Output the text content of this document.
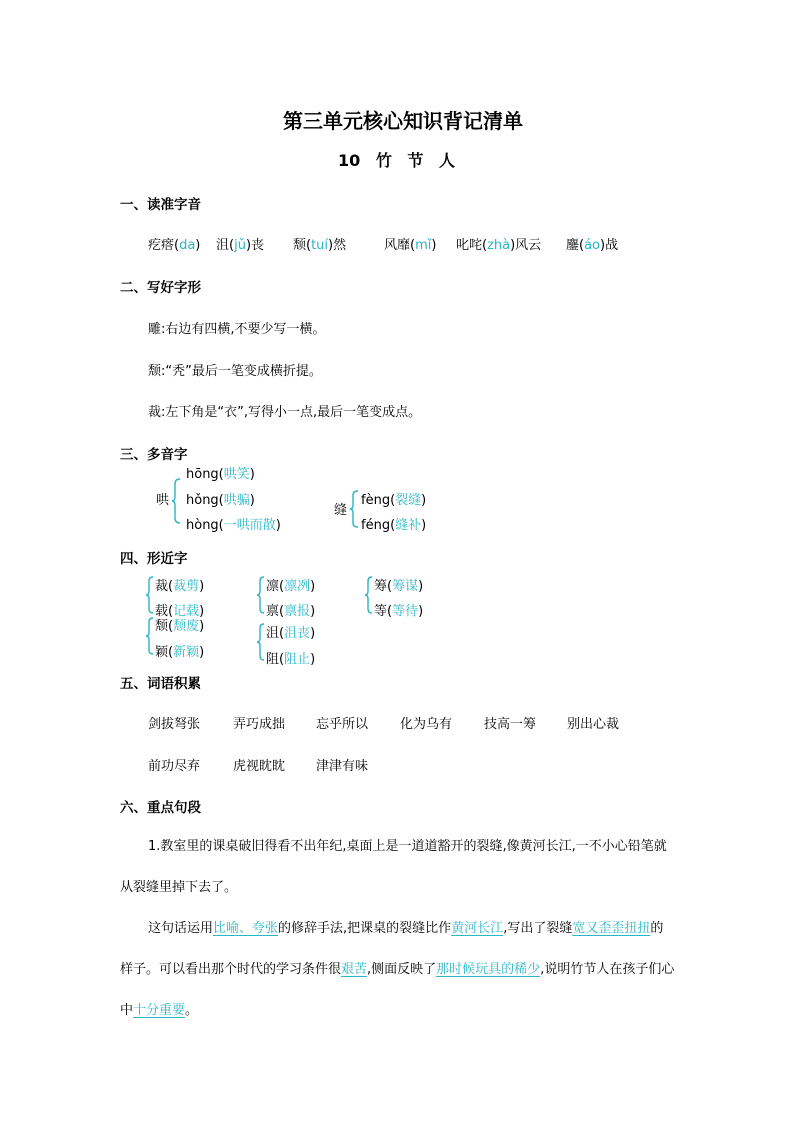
第三单元核心知识背记清单
10 竹 节 人
一、读准字音
疙瘩(da) 沮(jǔ)丧 颓(tuí)然	风靡(mǐ) 叱咤(zhà)风云 鏖(áo)战
二、写好字形
雕:右边有四横,不要少写一横。
颓:“秃”最后一笔变成横折提。
裁:左下角是“衣”,写得小一点,最后一笔变成点。
三、多音字
哄
hōng(哄笑)
hǒng(哄骗)
hòng(一哄而散)
缝
fèng(裂缝)
féng(缝补)
四、形近字
裁(裁剪)
载(记载)
凛(凛冽)
禀(禀报)
筹(筹谋)
等(等待)
颓(颓废)
颖(新颖)
沮(沮丧)
阻(阻止)
五、词语积累
剑拔弩张	弄巧成拙 忘乎所以 化为乌有 技高一筹 别出心裁
前功尽弃	虎视眈眈 津津有味
六、重点句段
1.教室里的课桌破旧得看不出年纪,桌面上是一道道豁开的裂缝,像黄河长江,一不小心铅笔就从裂缝里掉下去了。
这句话运用比喻、夸张的修辞手法,把课桌的裂缝比作黄河长江,写出了裂缝宽又歪歪扭扭的样子。可以看出那个时代的学习条件很艰苦,侧面反映了那时候玩具的稀少,说明竹节人在孩子们心中十分重要。
